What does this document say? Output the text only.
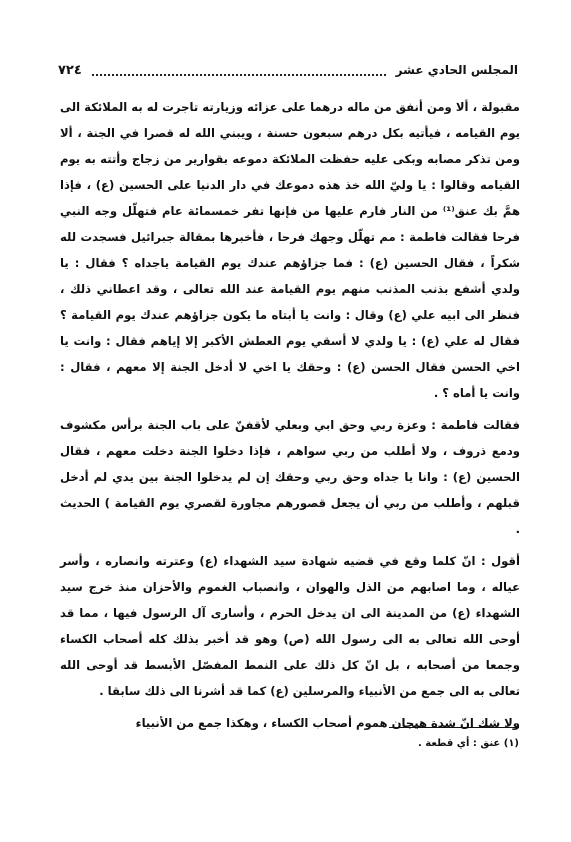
المجلس الحادي عشر
٧٢٤

مقبولة ، ألا ومن أنفق من ماله درهما على عزائه وزيارته تاجرت له به الملائكة الى يوم القيامه ، فيأتيه بكل درهم سبعون حسنة ، ويبني الله له قصرا في الجنة ، ألا ومن تذكر مصابه وبكى عليه حفظت الملائكة دموعه بقوارير من زجاج وأتته به يوم القيامه وقالوا : يا وليّ الله خذ هذه دموعك في دار الدنيا على الحسين (ع) ، فإذا همَّ بك عنق⁽¹⁾ من النار فارم عليها من فإنها تفر خمسمائة عام فتهلّل وجه النبي فرحا فقالت فاطمة : مم تهلّل وجهك فرحا ، فأخبرها بمقالة جبرائيل فسجدت لله شكراً ، فقال الحسين (ع) : فما جزاؤهم عندك يوم القيامة ياجداه ؟ فقال : يا ولدي أشفع بذنب المذنب منهم يوم القيامة عند الله تعالى ، وقد اعطاني ذلك ، فنظر الى ابيه علي (ع) وقال : وانت يا أبتاه ما يكون جزاؤهم عندك يوم القيامة ؟ فقال له علي (ع) : يا ولدي لا أسقي يوم العطش الأكبر إلا إياهم فقال : وانت يا اخي الحسن فقال الحسن (ع) : وحقك يا اخي لا أدخل الجنة إلا معهم ، فقال : وانت يا أماه ؟ .

فقالت فاطمة : وعزة ربي وحق ابي وبعلي لأقفنّ على باب الجنة برأس مكشوف ودمع ذروف ، ولا أطلب من ربي سواهم ، فإذا دخلوا الجنة دخلت معهم ، فقال الحسين (ع) : وانا يا جداه وحق ربي وحقك إن لم يدخلوا الجنة بين يدي لم أدخل قبلهم ، وأطلب من ربي أن يجعل قصورهم مجاورة لقصري يوم القيامة ) الحديث .

أقول : انّ كلما وقع في قضيه شهادة سيد الشهداء (ع) وعترته وانصاره ، وأسر عياله ، وما اصابهم من الذل والهوان ، وانصباب الغموم والأحزان منذ خرج سيد الشهداء (ع) من المدينة الى ان يدخل الحرم ، وأسارى آل الرسول فيها ، مما قد أوحى الله تعالى به الى رسول الله (ص) وهو قد أخبر بذلك كله أصحاب الكساء وجمعا من أصحابه ، بل انّ كل ذلك على النمط المفصّل الأبسط قد أوحى الله تعالى به الى جمع من الأنبياء والمرسلين (ع) كما قد أشرنا الى ذلك سابقا .

ولا شك انّ شدة هيجان هموم أصحاب الكساء ، وهكذا جمع من الأنبياء

(١) عنق : أي قطعة .
